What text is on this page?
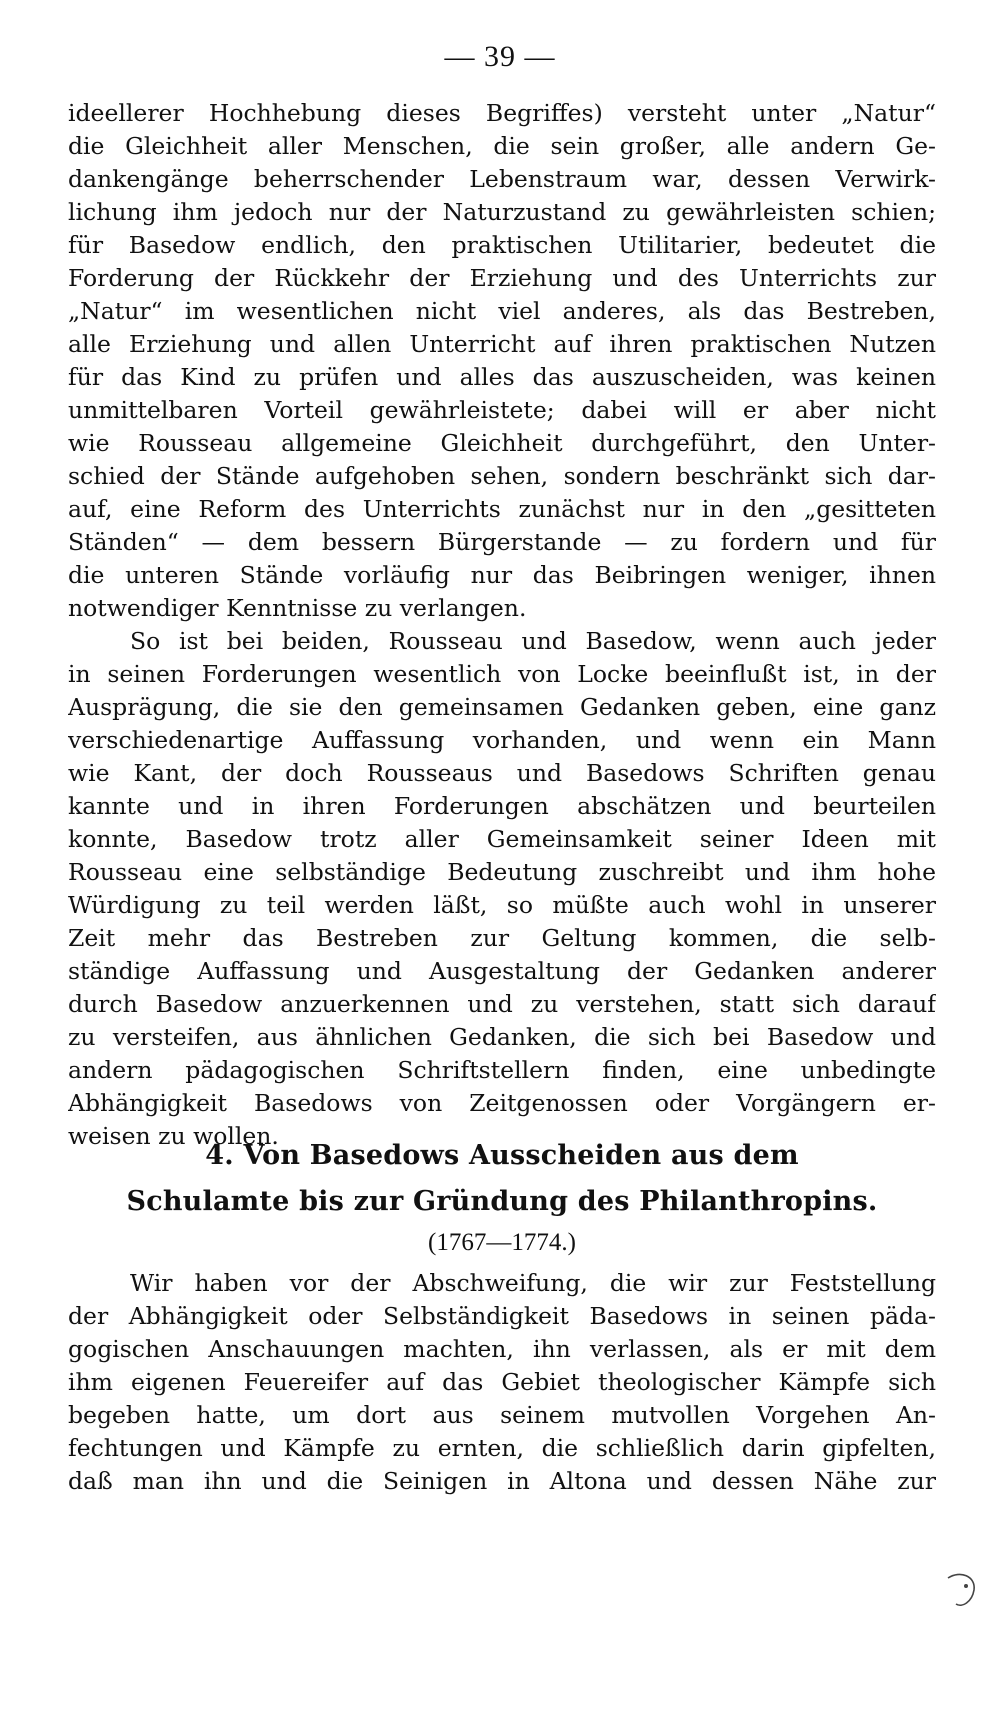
— 39 —
ideellerer Hochhebung dieses Begriffes) versteht unter „Natur“
die Gleichheit aller Menschen, die sein großer, alle andern Ge-
dankengänge beherrschender Lebenstraum war, dessen Verwirk-
lichung ihm jedoch nur der Naturzustand zu gewährleisten schien;
für Basedow endlich, den praktischen Utilitarier, bedeutet die
Forderung der Rückkehr der Erziehung und des Unterrichts zur
„Natur“ im wesentlichen nicht viel anderes, als das Bestreben,
alle Erziehung und allen Unterricht auf ihren praktischen Nutzen
für das Kind zu prüfen und alles das auszuscheiden, was keinen
unmittelbaren Vorteil gewährleistete; dabei will er aber nicht
wie Rousseau allgemeine Gleichheit durchgeführt, den Unter-
schied der Stände aufgehoben sehen, sondern beschränkt sich dar-
auf, eine Reform des Unterrichts zunächst nur in den „gesitteten
Ständen“ — dem bessern Bürgerstande — zu fordern und für
die unteren Stände vorläufig nur das Beibringen weniger, ihnen
notwendiger Kenntnisse zu verlangen.
So ist bei beiden, Rousseau und Basedow, wenn auch jeder
in seinen Forderungen wesentlich von Locke beeinflußt ist, in der
Ausprägung, die sie den gemeinsamen Gedanken geben, eine ganz
verschiedenartige Auffassung vorhanden, und wenn ein Mann
wie Kant, der doch Rousseaus und Basedows Schriften genau
kannte und in ihren Forderungen abschätzen und beurteilen
konnte, Basedow trotz aller Gemeinsamkeit seiner Ideen mit
Rousseau eine selbständige Bedeutung zuschreibt und ihm hohe
Würdigung zu teil werden läßt, so müßte auch wohl in unserer
Zeit mehr das Bestreben zur Geltung kommen, die selb-
ständige Auffassung und Ausgestaltung der Gedanken anderer
durch Basedow anzuerkennen und zu verstehen, statt sich darauf
zu versteifen, aus ähnlichen Gedanken, die sich bei Basedow und
andern pädagogischen Schriftstellern finden, eine unbedingte
Abhängigkeit Basedows von Zeitgenossen oder Vorgängern er-
weisen zu wollen.
4. Von Basedows Ausscheiden aus dem
Schulamte bis zur Gründung des Philanthropins.
(1767—1774.)
Wir haben vor der Abschweifung, die wir zur Feststellung
der Abhängigkeit oder Selbständigkeit Basedows in seinen päda-
gogischen Anschauungen machten, ihn verlassen, als er mit dem
ihm eigenen Feuereifer auf das Gebiet theologischer Kämpfe sich
begeben hatte, um dort aus seinem mutvollen Vorgehen An-
fechtungen und Kämpfe zu ernten, die schließlich darin gipfelten,
daß man ihn und die Seinigen in Altona und dessen Nähe zur
